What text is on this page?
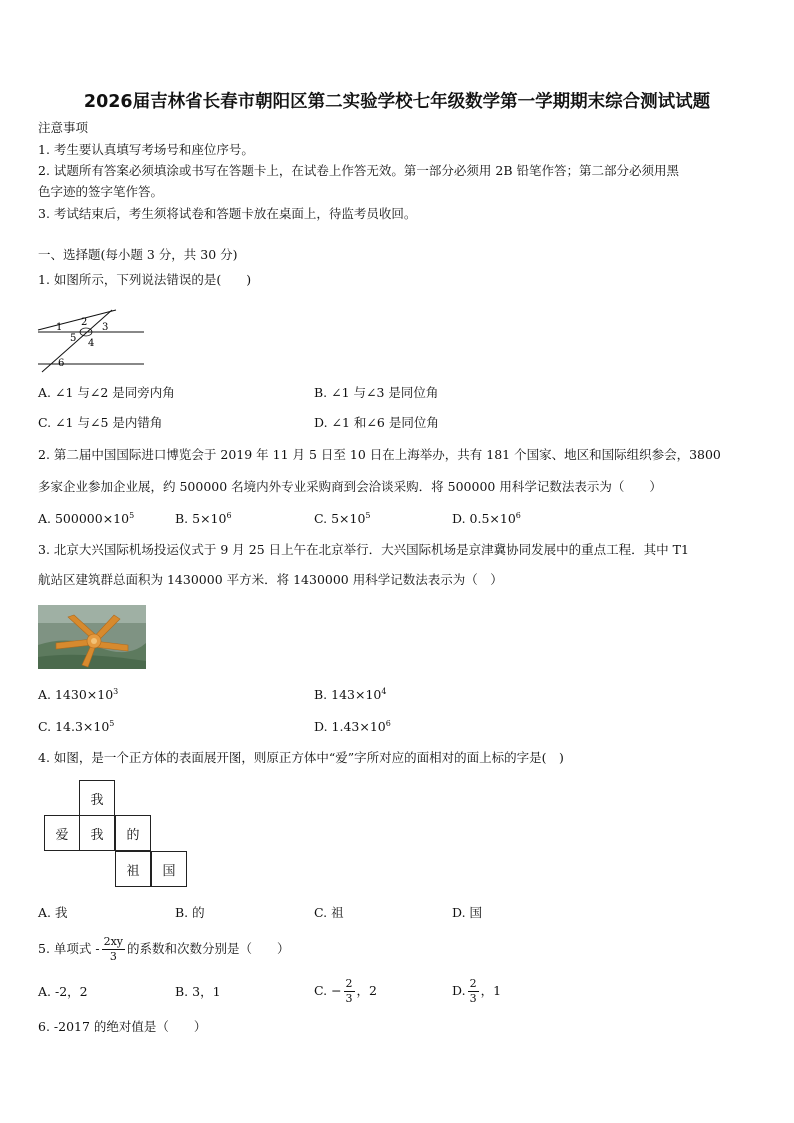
2026届吉林省长春市朝阳区第二实验学校七年级数学第一学期期末综合测试试题
注意事项
1. 考生要认真填写考场号和座位序号。
2. 试题所有答案必须填涂或书写在答题卡上，在试卷上作答无效。第一部分必须用 2B 铅笔作答；第二部分必须用黑
色字迹的签字笔作答。
3. 考试结束后，考生须将试卷和答题卡放在桌面上，待监考员收回。
一、选择题(每小题 3 分，共 30 分)
1. 如图所示，下列说法错误的是(　　)
1 2 3
5 4
6
A. ∠1 与∠2 是同旁内角	B. ∠1 与∠3 是同位角
C. ∠1 与∠5 是内错角	D. ∠1 和∠6 是同位角
2. 第二届中国国际进口博览会于 2019 年 11 月 5 日至 10 日在上海举办，共有 181 个国家、地区和国际组织参会，3800
多家企业参加企业展，约 500000 名境内外专业采购商到会洽谈采购．将 500000 用科学记数法表示为（　　）
A. $500000\times 10^5$	B. $5\times 10^6$	C. $5\times 10^5$	D. $0.5\times 10^6$
3. 北京大兴国际机场投运仪式于 9 月 25 日上午在北京举行．大兴国际机场是京津冀协同发展中的重点工程．其中 T1
航站区建筑群总面积为 1430000 平方米．将 1430000 用科学记数法表示为（　）
A. $1430\times 10^3$	B. $143\times 10^4$
C. $14.3\times 10^5$	D. $1.43\times 10^6$
4. 如图，是一个正方体的表面展开图，则原正方体中“爱”字所对应的面相对的面上标的字是(　)
我
爱	我	的
祖	国
A. 我	B. 的	C. 祖	D. 国
5. 单项式 - $\frac{2xy}{3}$ 的系数和次数分别是（　　）
A. -2，2	B. 3，1	C. − $\frac{2}{3}$ ，2	D. $\frac{2}{3}$ ，1
6. -2017 的绝对值是（　　）
